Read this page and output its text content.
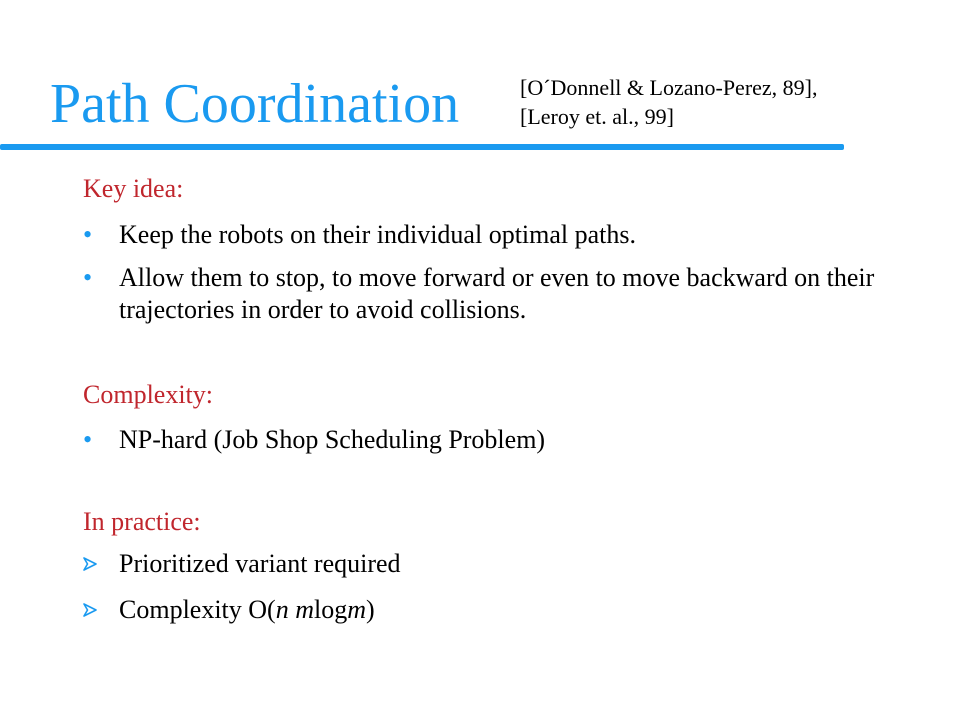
Path Coordination	[O´Donnell & Lozano-Perez, 89],
[Leroy et. al., 99]
Key idea:
•	Keep the robots on their individual optimal paths.
•	Allow them to stop, to move forward or even to move backward on their trajectories in order to avoid collisions.
Complexity:
•	NP-hard (Job Shop Scheduling Problem)
In practice:
Prioritized variant required
Complexity O(n mlogm)
